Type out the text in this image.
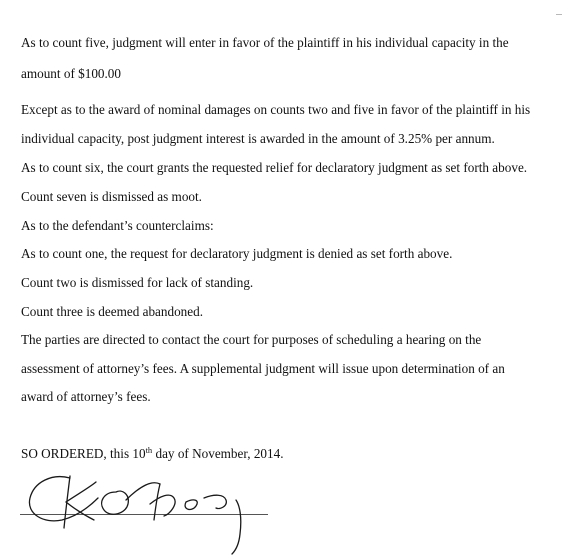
As to count five, judgment will enter in favor of the plaintiff in his individual capacity in the
amount of $100.00
Except as to the award of nominal damages on counts two and five in favor of the plaintiff in his
individual capacity, post judgment interest is awarded in the amount of 3.25% per annum.
As to count six, the court grants the requested relief for declaratory judgment as set forth above.
Count seven is dismissed as moot.
As to the defendant’s counterclaims:
As to count one, the request for declaratory judgment is denied as set forth above.
Count two is dismissed for lack of standing.
Count three is deemed abandoned.
The parties are directed to contact the court for purposes of scheduling a hearing on the
assessment of attorney’s fees. A supplemental judgment will issue upon determination of an
award of attorney’s fees.
SO ORDERED, this 10th day of November, 2014.
